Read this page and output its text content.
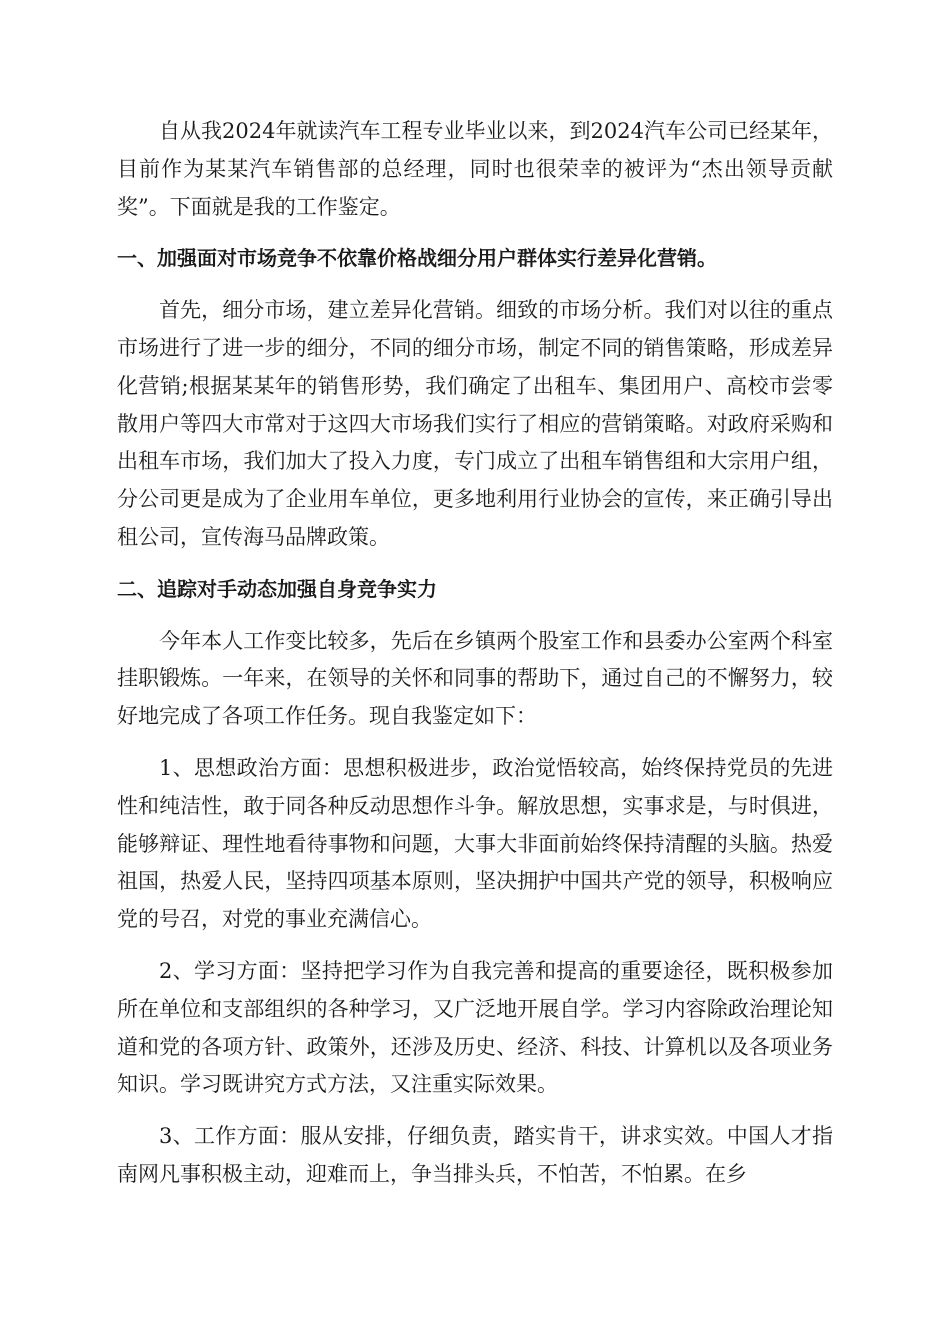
自从我2024年就读汽车工程专业毕业以来，到2024汽车公司已经某年，目前作为某某汽车销售部的总经理，同时也很荣幸的被评为“杰出领导贡献奖”。下面就是我的工作鉴定。

一、加强面对市场竞争不依靠价格战细分用户群体实行差异化营销。

首先，细分市场，建立差异化营销。细致的市场分析。我们对以往的重点市场进行了进一步的细分，不同的细分市场，制定不同的销售策略，形成差异化营销;根据某某年的销售形势，我们确定了出租车、集团用户、高校市尝零散用户等四大市常对于这四大市场我们实行了相应的营销策略。对政府采购和出租车市场，我们加大了投入力度，专门成立了出租车销售组和大宗用户组，分公司更是成为了企业用车单位，更多地利用行业协会的宣传，来正确引导出租公司，宣传海马品牌政策。

二、追踪对手动态加强自身竞争实力

今年本人工作变比较多，先后在乡镇两个股室工作和县委办公室两个科室挂职锻炼。一年来，在领导的关怀和同事的帮助下，通过自己的不懈努力，较好地完成了各项工作任务。现自我鉴定如下：

1、思想政治方面：思想积极进步，政治觉悟较高，始终保持党员的先进性和纯洁性，敢于同各种反动思想作斗争。解放思想，实事求是，与时俱进，能够辩证、理性地看待事物和问题，大事大非面前始终保持清醒的头脑。热爱祖国，热爱人民，坚持四项基本原则，坚决拥护中国共产党的领导，积极响应党的号召，对党的事业充满信心。

2、学习方面：坚持把学习作为自我完善和提高的重要途径，既积极参加所在单位和支部组织的各种学习，又广泛地开展自学。学习内容除政治理论知道和党的各项方针、政策外，还涉及历史、经济、科技、计算机以及各项业务知识。学习既讲究方式方法，又注重实际效果。

3、工作方面：服从安排，仔细负责，踏实肯干，讲求实效。中国人才指南网凡事积极主动，迎难而上，争当排头兵，不怕苦，不怕累。在乡
